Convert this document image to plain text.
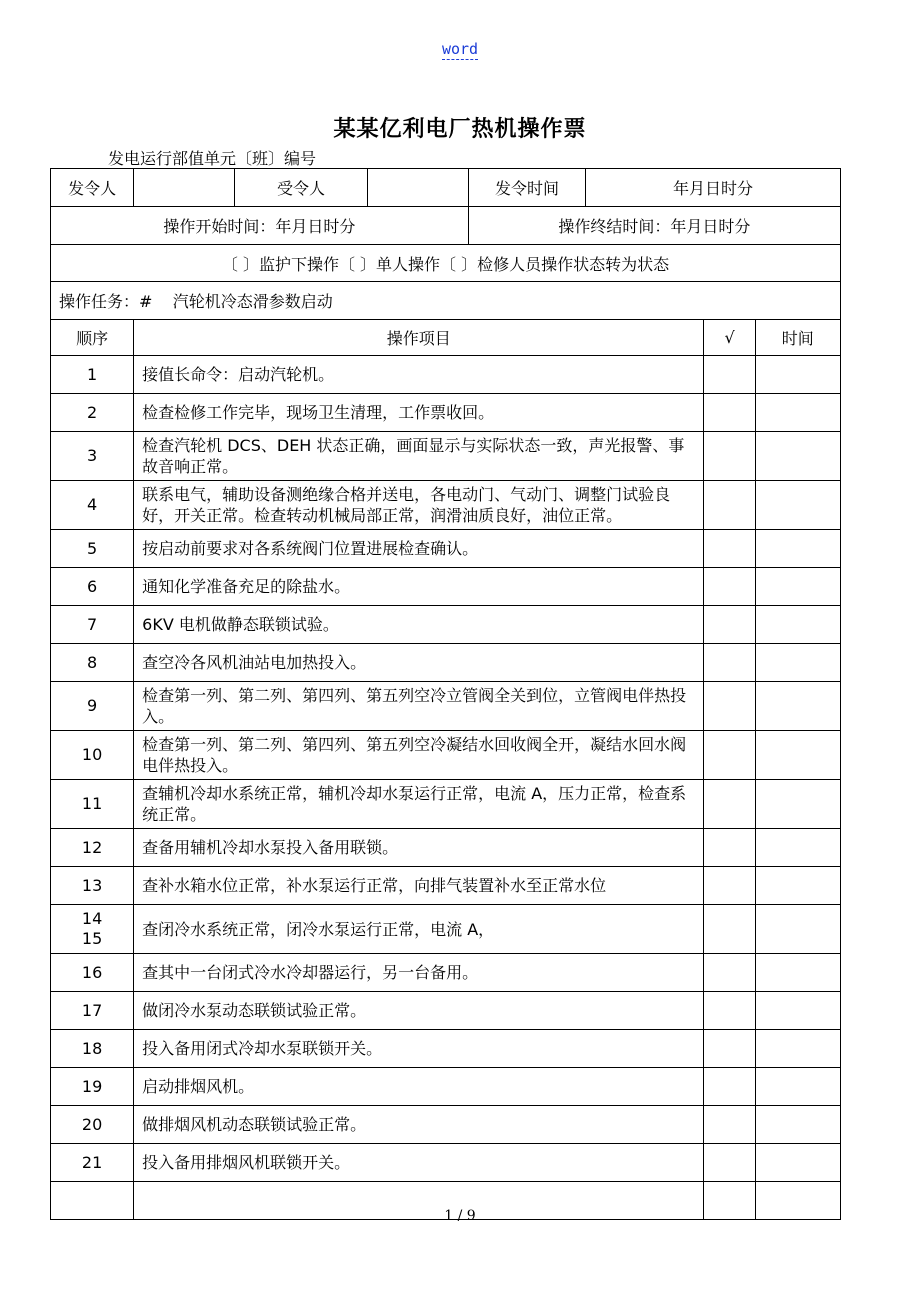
word
某某亿利电厂热机操作票
发电运行部值单元〔班〕编号
发令人		受令人		发令时间	年月日时分		
操作开始时间：年月日时分				操作终结时间：年月日时分			
〔 〕监护下操作〔 〕单人操作〔 〕检修人员操作状态转为状态							
操作任务：#    汽轮机冷态滑参数启动							
顺序	操作项目					√	时间
1	接值长命令：启动汽轮机。						
2	检查检修工作完毕，现场卫生清理，工作票收回。						
3	检查汽轮机 DCS、DEH 状态正确，画面显示与实际状态一致，声光报警、事故音响正常。						
4	联系电气，辅助设备测绝缘合格并送电，各电动门、气动门、调整门试验良好，开关正常。检查转动机械局部正常，润滑油质良好，油位正常。						
5	按启动前要求对各系统阀门位置进展检查确认。						
6	通知化学准备充足的除盐水。						
7	6KV 电机做静态联锁试验。						
8	查空冷各风机油站电加热投入。						
9	检查第一列、第二列、第四列、第五列空冷立管阀全关到位，立管阀电伴热投入。						
10	检查第一列、第二列、第四列、第五列空冷凝结水回收阀全开，凝结水回水阀电伴热投入。						
11	查辅机冷却水系统正常，辅机冷却水泵运行正常，电流 A，压力正常，检查系统正常。						
12	查备用辅机冷却水泵投入备用联锁。						
13	查补水箱水位正常，补水泵运行正常，向排气装置补水至正常水位						

14
15	查闭冷水系统正常，闭冷水泵运行正常，电流 A，						
16	查其中一台闭式冷水冷却器运行，另一台备用。						
17	做闭冷水泵动态联锁试验正常。						
18	投入备用闭式冷却水泵联锁开关。						
19	启动排烟风机。						
20	做排烟风机动态联锁试验正常。						
21	投入备用排烟风机联锁开关。						

1 / 9
